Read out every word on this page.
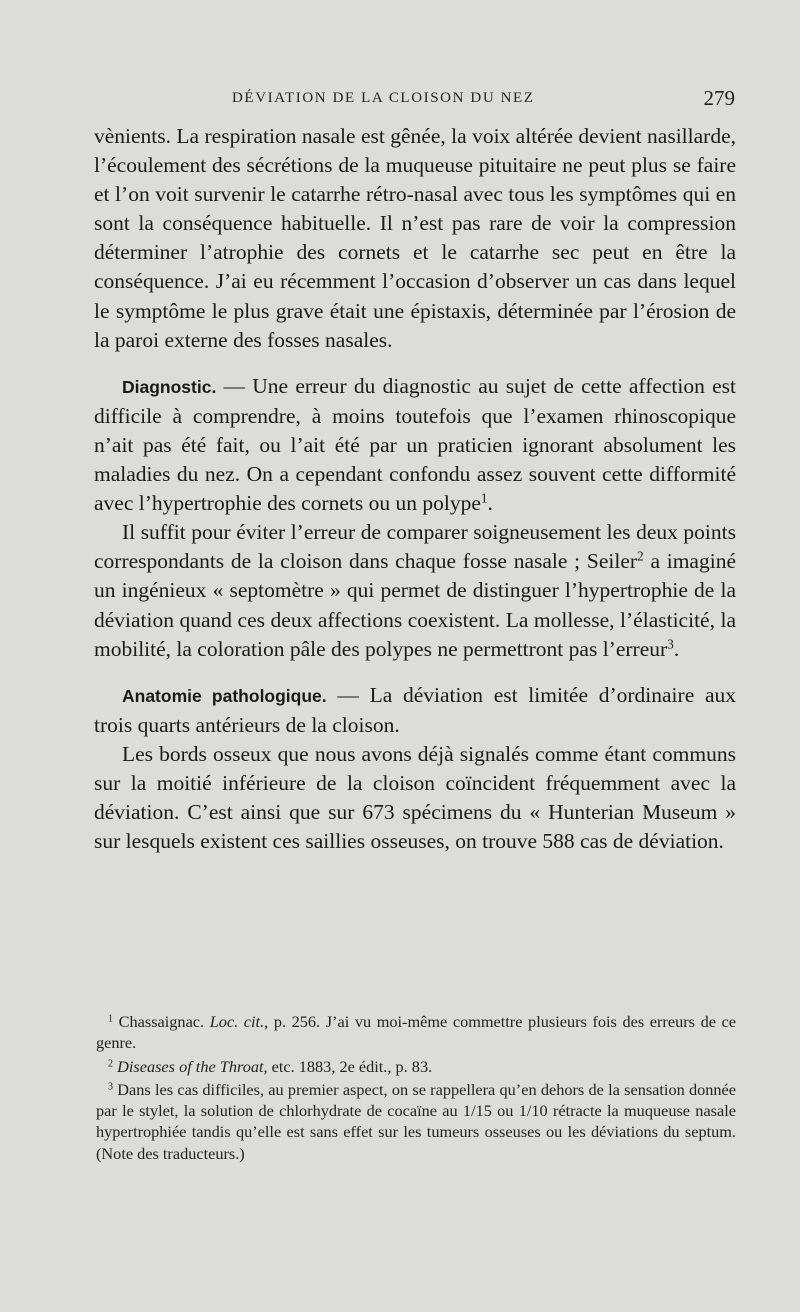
DÉVIATION DE LA CLOISON DU NEZ	279

vènients. La respiration nasale est gênée, la voix altérée devient nasillarde, l’écoulement des sécrétions de la muqueuse pituitaire ne peut plus se faire et l’on voit survenir le catarrhe rétro-nasal avec tous les symptômes qui en sont la conséquence habituelle. Il n’est pas rare de voir la compression déterminer l’atrophie des cornets et le catarrhe sec peut en être la conséquence. J’ai eu récemment l’occasion d’observer un cas dans lequel le symptôme le plus grave était une épistaxis, déterminée par l’érosion de la paroi externe des fosses nasales.

Diagnostic. — Une erreur du diagnostic au sujet de cette affection est difficile à comprendre, à moins toutefois que l’examen rhinoscopique n’ait pas été fait, ou l’ait été par un praticien ignorant absolument les maladies du nez. On a cependant confondu assez souvent cette difformité avec l’hypertrophie des cornets ou un polype$^1$.

Il suffit pour éviter l’erreur de comparer soigneusement les deux points correspondants de la cloison dans chaque fosse nasale ; Seiler$^2$ a imaginé un ingénieux « septomètre » qui permet de distinguer l’hypertrophie de la déviation quand ces deux affections coexistent. La mollesse, l’élasticité, la mobilité, la coloration pâle des polypes ne permettront pas l’erreur$^3$.

Anatomie pathologique. — La déviation est limitée d’ordinaire aux trois quarts antérieurs de la cloison.

Les bords osseux que nous avons déjà signalés comme étant communs sur la moitié inférieure de la cloison coïncident fréquemment avec la déviation. C’est ainsi que sur 673 spécimens du « Hunterian Museum » sur lesquels existent ces saillies osseuses, on trouve 588 cas de déviation.

$^1$ Chassaignac. Loc. cit., p. 256. J’ai vu moi-même commettre plusieurs fois des erreurs de ce genre.

$^2$ Diseases of the Throat, etc. 1883, 2e édit., p. 83.

$^3$ Dans les cas difficiles, au premier aspect, on se rappellera qu’en dehors de la sensation donnée par le stylet, la solution de chlorhydrate de cocaïne au 1/15 ou 1/10 rétracte la muqueuse nasale hypertrophiée tandis qu’elle est sans effet sur les tumeurs osseuses ou les déviations du septum. (Note des traducteurs.)
